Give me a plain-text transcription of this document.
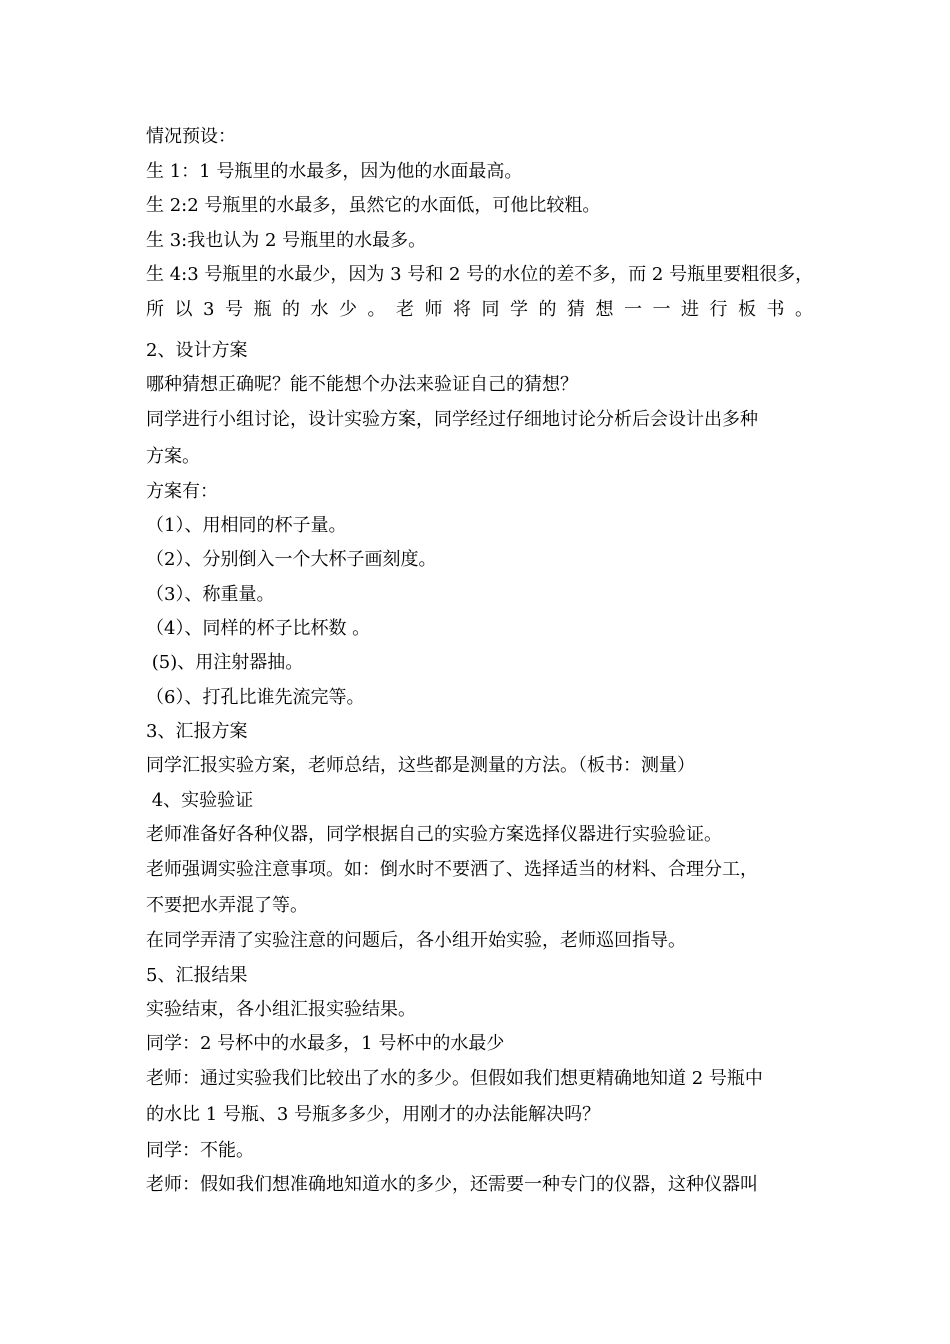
情况预设：

生 1：1 号瓶里的水最多，因为他的水面最高。

生 2:2 号瓶里的水最多，虽然它的水面低，可他比较粗。

生 3:我也认为 2 号瓶里的水最多。

生 4:3 号瓶里的水最少，因为 3 号和 2 号的水位的差不多，而 2 号瓶里要粗很多，

所以3号瓶的水少。老师将同学的猜想一一进行板书。

2、设计方案

哪种猜想正确呢？能不能想个办法来验证自己的猜想？

同学进行小组讨论，设计实验方案，同学经过仔细地讨论分析后会设计出多种

方案。

方案有：

（1）、用相同的杯子量。

（2）、分别倒入一个大杯子画刻度。

（3）、称重量。

（4）、同样的杯子比杯数 。

(5)、用注射器抽。

（6）、打孔比谁先流完等。

3、汇报方案

同学汇报实验方案，老师总结，这些都是测量的方法。（板书：测量）

4、实验验证

老师准备好各种仪器，同学根据自己的实验方案选择仪器进行实验验证。

老师强调实验注意事项。如：倒水时不要洒了、选择适当的材料、合理分工，

不要把水弄混了等。

在同学弄清了实验注意的问题后，各小组开始实验，老师巡回指导。

5、汇报结果

实验结束，各小组汇报实验结果。

同学：2 号杯中的水最多，1 号杯中的水最少

老师：通过实验我们比较出了水的多少。但假如我们想更精确地知道 2 号瓶中

的水比 1 号瓶、3 号瓶多多少，用刚才的办法能解决吗？

同学：不能。

老师：假如我们想准确地知道水的多少，还需要一种专门的仪器，这种仪器叫
